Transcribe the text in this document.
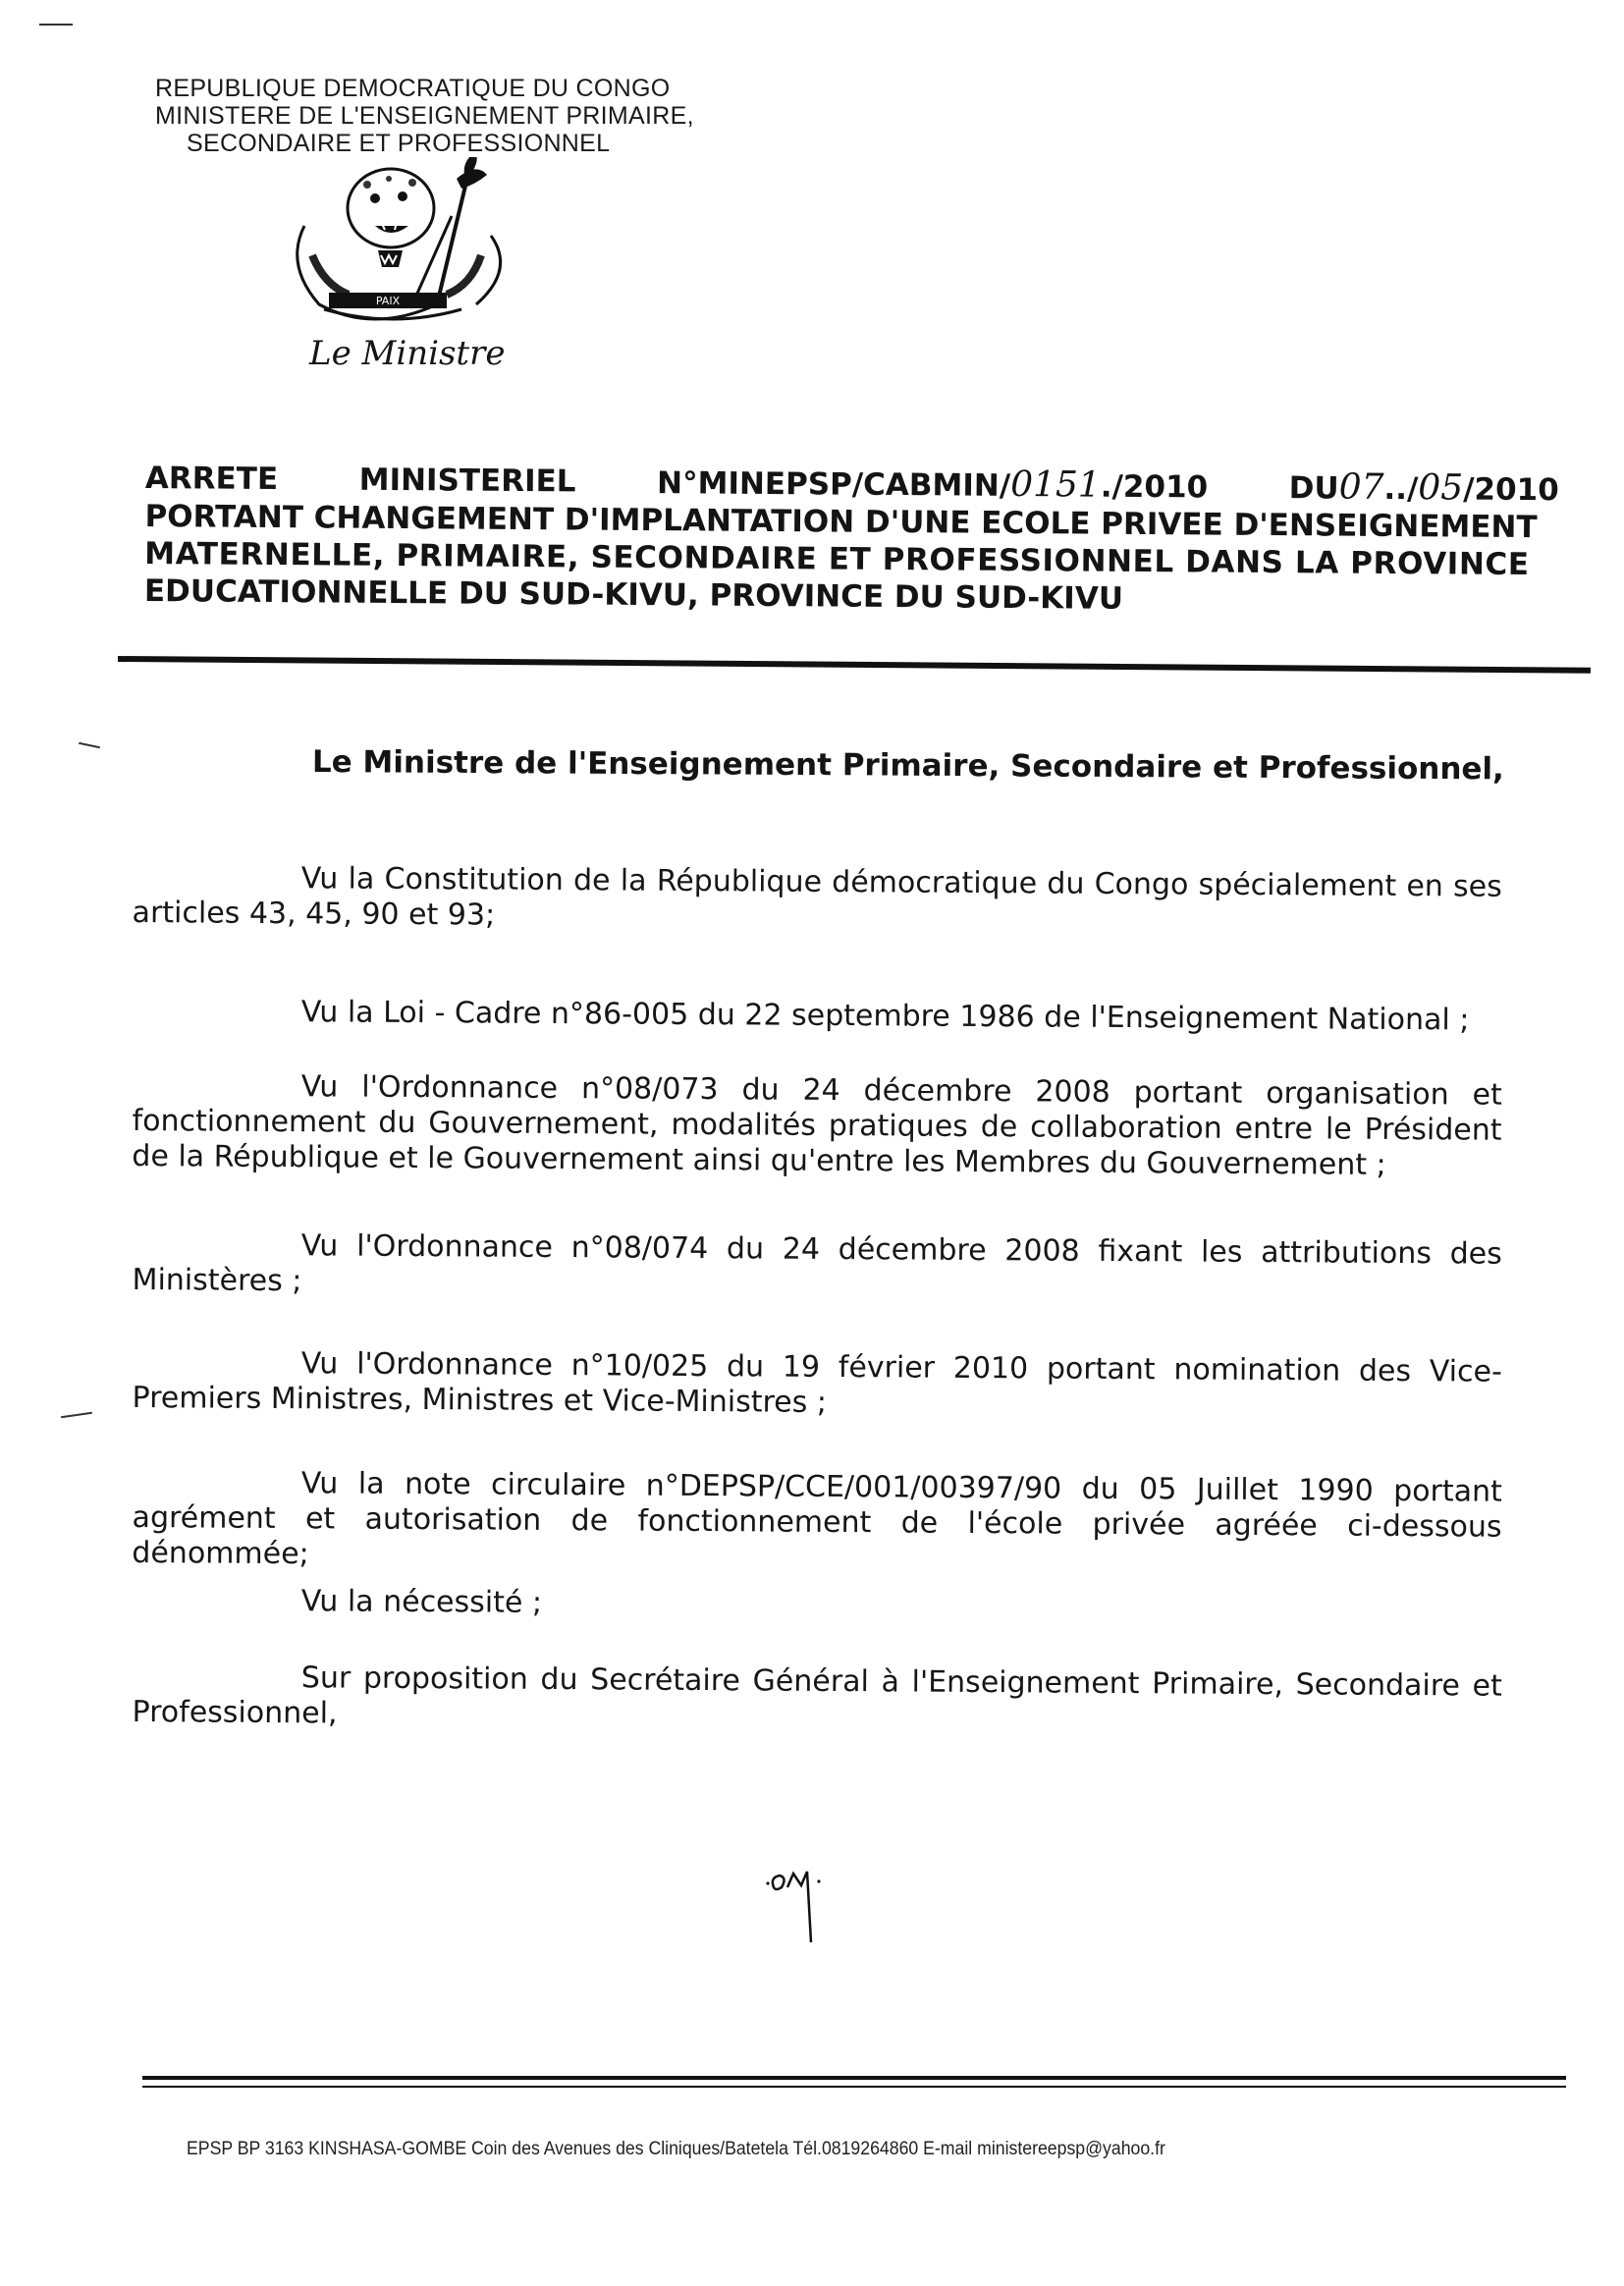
REPUBLIQUE DEMOCRATIQUE DU CONGO
MINISTERE DE L'ENSEIGNEMENT PRIMAIRE,
SECONDAIRE ET PROFESSIONNEL
PAIX
Le Ministre
ARRETE	MINISTERIEL	N°MINEPSP/CABMIN/0151./2010	DU07../05/2010
PORTANT CHANGEMENT D'IMPLANTATION D'UNE ECOLE PRIVEE D'ENSEIGNEMENT
MATERNELLE, PRIMAIRE, SECONDAIRE ET PROFESSIONNEL DANS LA PROVINCE
EDUCATIONNELLE DU SUD-KIVU, PROVINCE DU SUD-KIVU
Le Ministre de l'Enseignement Primaire, Secondaire et Professionnel,
Vu la Constitution de la République démocratique du Congo spécialement en ses articles 43, 45, 90 et 93;
Vu la Loi - Cadre n°86-005 du 22 septembre 1986 de l'Enseignement National ;
Vu l'Ordonnance n°08/073 du 24 décembre 2008 portant organisation et fonctionnement du Gouvernement, modalités pratiques de collaboration entre le Président de la République et le Gouvernement ainsi qu'entre les Membres du Gouvernement ;
Vu l'Ordonnance n°08/074 du 24 décembre 2008 fixant les attributions des Ministères ;
Vu l'Ordonnance n°10/025 du 19 février 2010 portant nomination des Vice-Premiers Ministres, Ministres et Vice-Ministres ;
Vu la note circulaire n°DEPSP/CCE/001/00397/90 du 05 Juillet 1990 portant agrément et autorisation de fonctionnement de l'école privée agréée ci-dessous dénommée;
Vu la nécessité ;
Sur proposition du Secrétaire Général à l'Enseignement Primaire, Secondaire et Professionnel,
EPSP BP 3163 KINSHASA-GOMBE Coin des Avenues des Cliniques/Batetela Tél.0819264860 E-mail ministereepsp@yahoo.fr
